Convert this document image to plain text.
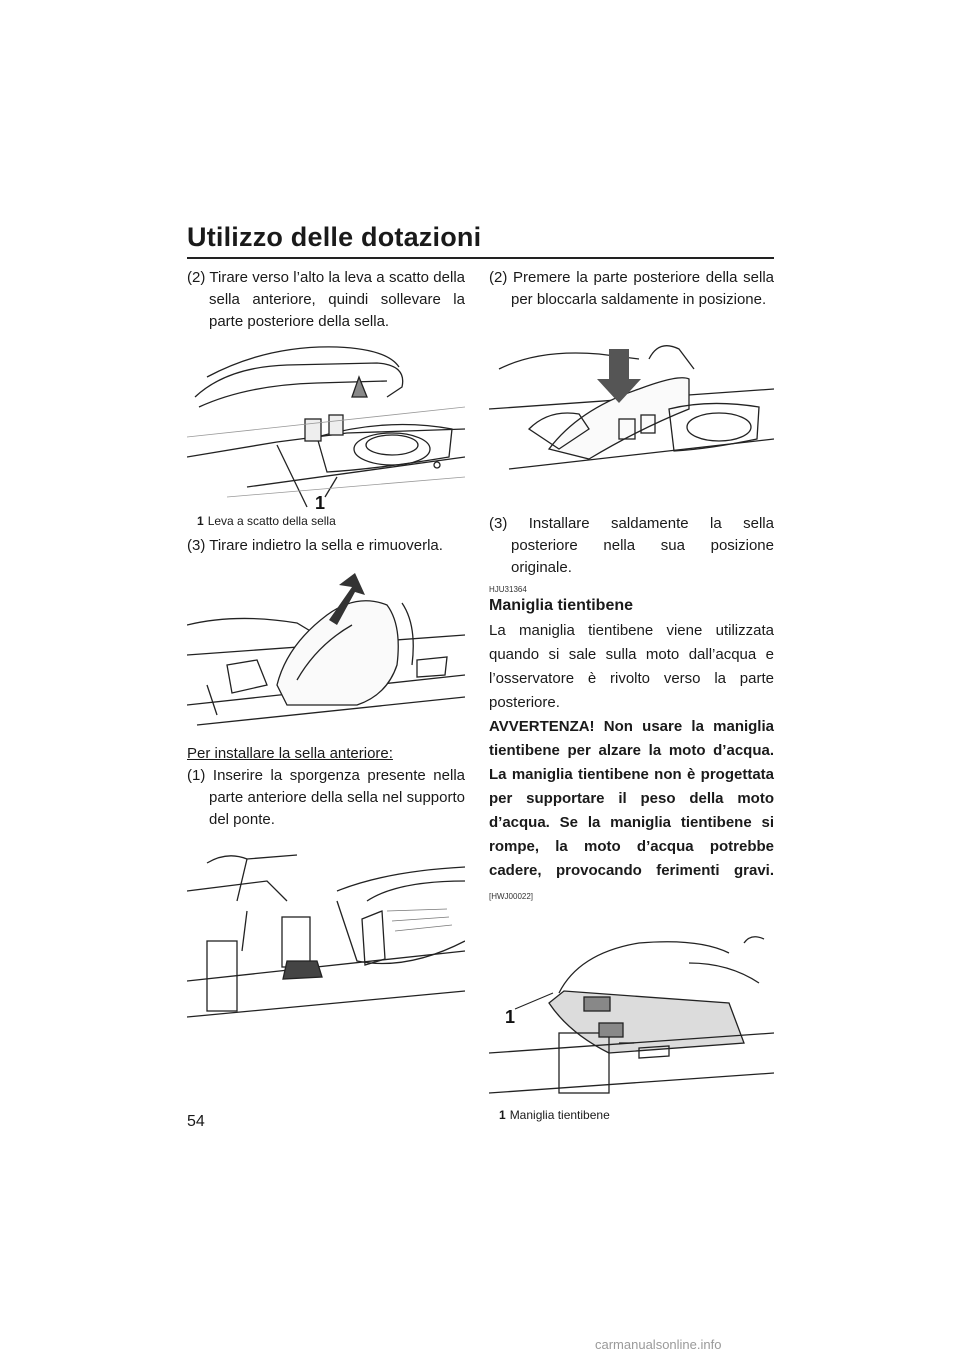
Utilizzo delle dotazioni

(2) Tirare verso l’alto la leva a scatto della sella anteriore, quindi sollevare la parte posteriore della sella.

1

1 Leva a scatto della sella

(3) Tirare indietro la sella e rimuoverla.

Per installare la sella anteriore:

(1) Inserire la sporgenza presente nella parte anteriore della sella nel supporto del ponte.

(2) Premere la parte posteriore della sella per bloccarla saldamente in posizione.

(3) Installare saldamente la sella posteriore nella sua posizione originale.

HJU31364

Maniglia tientibene

La maniglia tientibene viene utilizzata quando si sale sulla moto dall’acqua e l’osservatore è rivolto verso la parte posteriore.

AVVERTENZA! Non usare la maniglia tientibene per alzare la moto d’acqua. La maniglia tientibene non è progettata per supportare il peso della moto d’acqua. Se la maniglia tientibene si rompe, la moto d’acqua potrebbe cadere, provocando ferimenti gravi. [HWJ00022]

1

1 Maniglia tientibene

54
carmanualsonline.info
